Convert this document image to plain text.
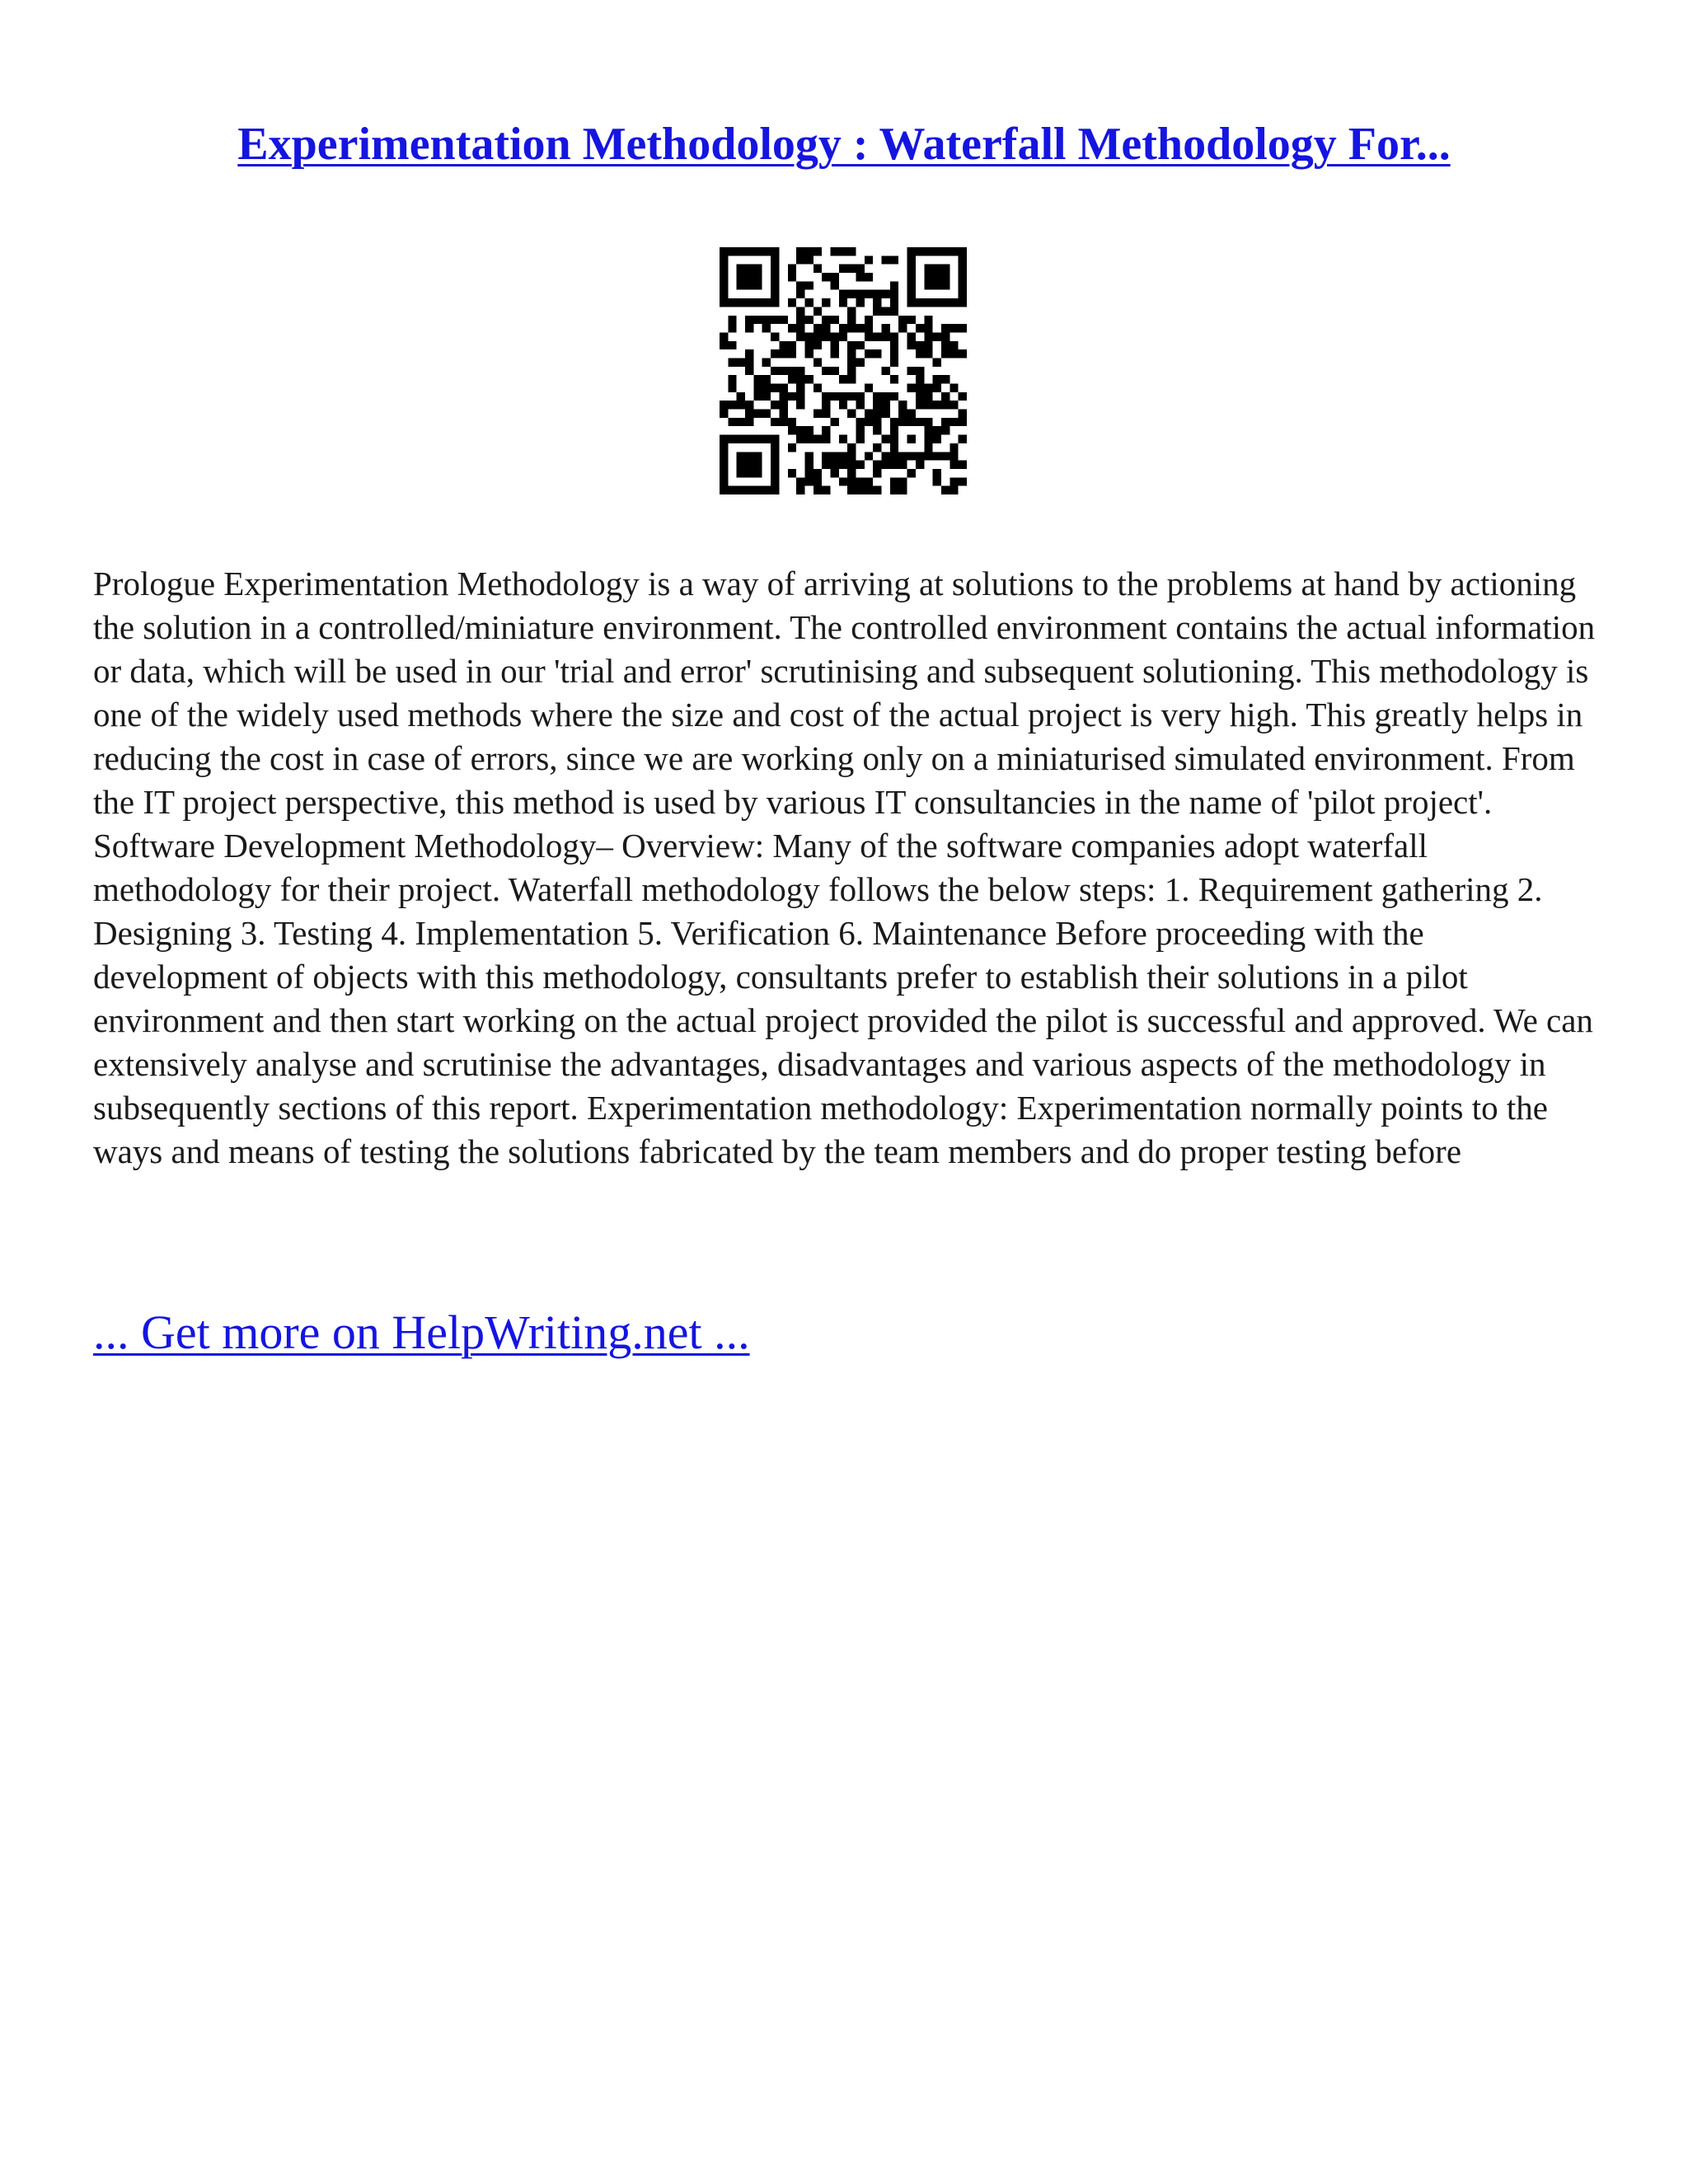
Experimentation Methodology : Waterfall Methodology For...

Prologue Experimentation Methodology is a way of arriving at solutions to the problems at hand by actioning the solution in a controlled/miniature environment. The controlled environment contains the actual information or data, which will be used in our 'trial and error' scrutinising and subsequent solutioning. This methodology is one of the widely used methods where the size and cost of the actual project is very high. This greatly helps in reducing the cost in case of errors, since we are working only on a miniaturised simulated environment. From the IT project perspective, this method is used by various IT consultancies in the name of 'pilot project'. Software Development Methodology– Overview: Many of the software companies adopt waterfall methodology for their project. Waterfall methodology follows the below steps: 1. Requirement gathering 2. Designing 3. Testing 4. Implementation 5. Verification 6. Maintenance Before proceeding with the development of objects with this methodology, consultants prefer to establish their solutions in a pilot environment and then start working on the actual project provided the pilot is successful and approved. We can extensively analyse and scrutinise the advantages, disadvantages and various aspects of the methodology in subsequently sections of this report. Experimentation methodology: Experimentation normally points to the ways and means of testing the solutions fabricated by the team members and do proper testing before

... Get more on HelpWriting.net ...
